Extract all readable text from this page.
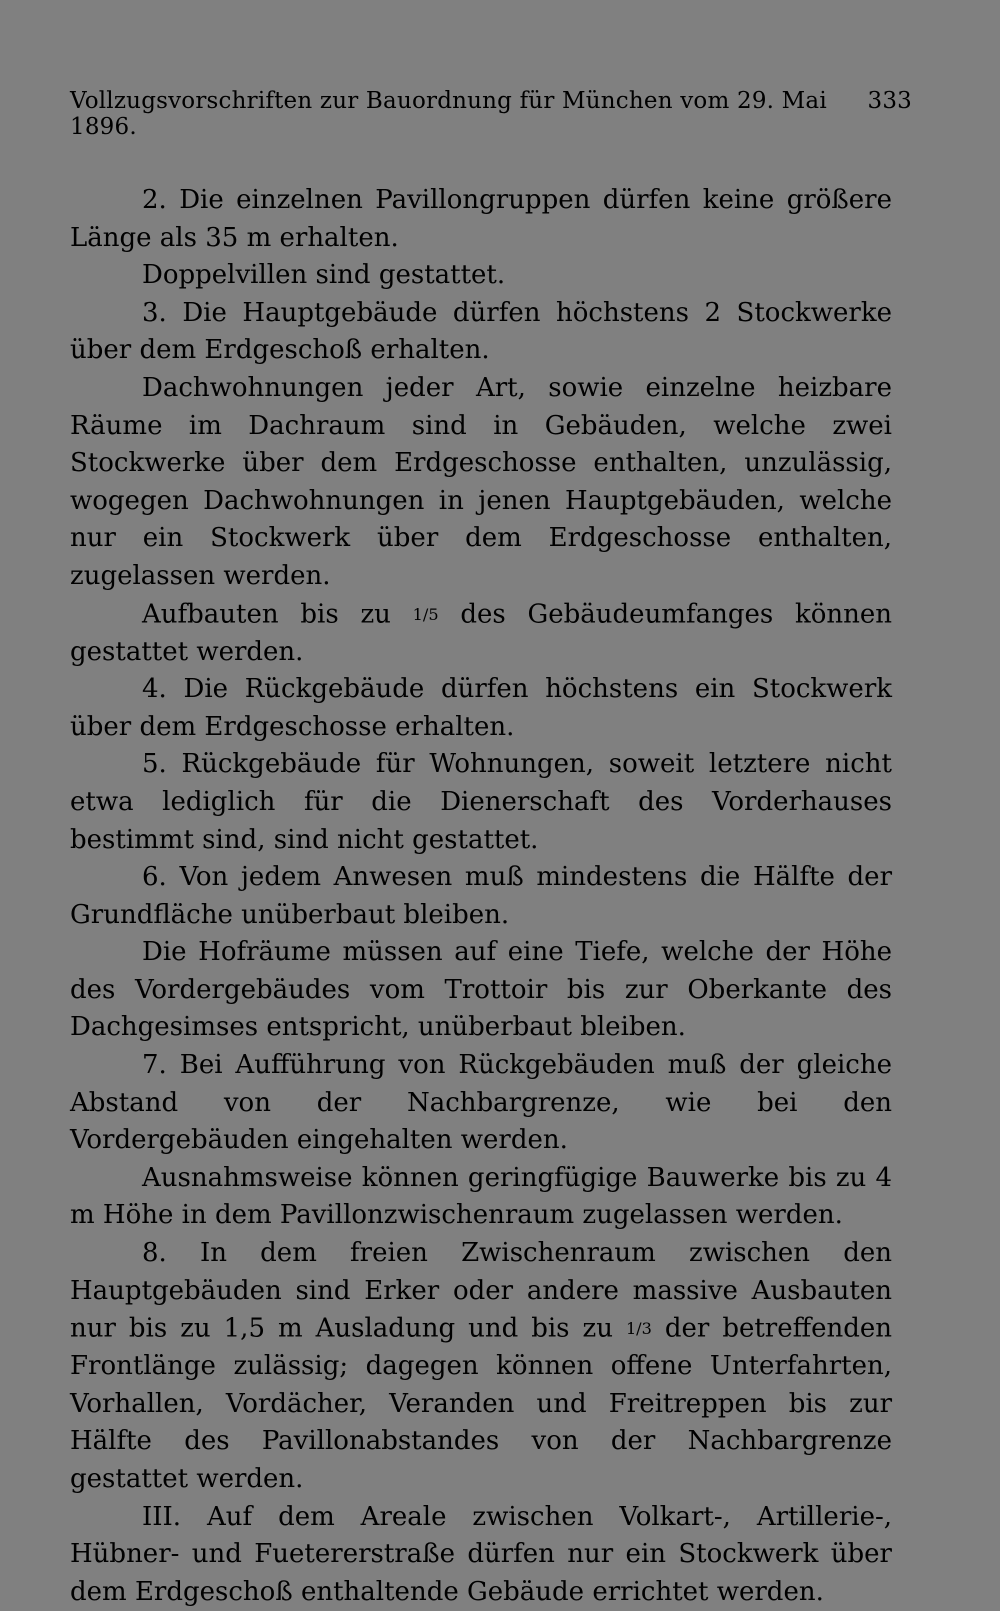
Vollzugsvorschriften zur Bauordnung für München vom 29. Mai 1896.
333

2. Die einzelnen Pavillongruppen dürfen keine größere Länge als 35 m erhalten.

Doppelvillen sind gestattet.

3. Die Hauptgebäude dürfen höchstens 2 Stockwerke über dem Erdgeschoß erhalten.

Dachwohnungen jeder Art, sowie einzelne heizbare Räume im Dachraum sind in Gebäuden, welche zwei Stockwerke über dem Erdgeschosse enthalten, unzulässig, wogegen Dachwohnungen in jenen Hauptgebäuden, welche nur ein Stockwerk über dem Erdgeschosse enthalten, zugelassen werden.

Aufbauten bis zu 1/5 des Gebäudeumfanges können gestattet werden.

4. Die Rückgebäude dürfen höchstens ein Stockwerk über dem Erdgeschosse erhalten.

5. Rückgebäude für Wohnungen, soweit letztere nicht etwa lediglich für die Dienerschaft des Vorderhauses bestimmt sind, sind nicht gestattet.

6. Von jedem Anwesen muß mindestens die Hälfte der Grundfläche unüberbaut bleiben.

Die Hofräume müssen auf eine Tiefe, welche der Höhe des Vordergebäudes vom Trottoir bis zur Oberkante des Dachgesimses entspricht, unüberbaut bleiben.

7. Bei Aufführung von Rückgebäuden muß der gleiche Abstand von der Nachbargrenze, wie bei den Vordergebäuden eingehalten werden.

Ausnahmsweise können geringfügige Bauwerke bis zu 4 m Höhe in dem Pavillonzwischenraum zugelassen werden.

8. In dem freien Zwischenraum zwischen den Hauptgebäuden sind Erker oder andere massive Ausbauten nur bis zu 1,5 m Ausladung und bis zu 1/3 der betreffenden Frontlänge zulässig; dagegen können offene Unterfahrten, Vorhallen, Vordächer, Veranden und Freitreppen bis zur Hälfte des Pavillonabstandes von der Nachbargrenze gestattet werden.

III. Auf dem Areale zwischen Volkart-, Artillerie-, Hübner- und Fuetererstraße dürfen nur ein Stockwerk über dem Erdgeschoß enthaltende Gebäude errichtet werden.
